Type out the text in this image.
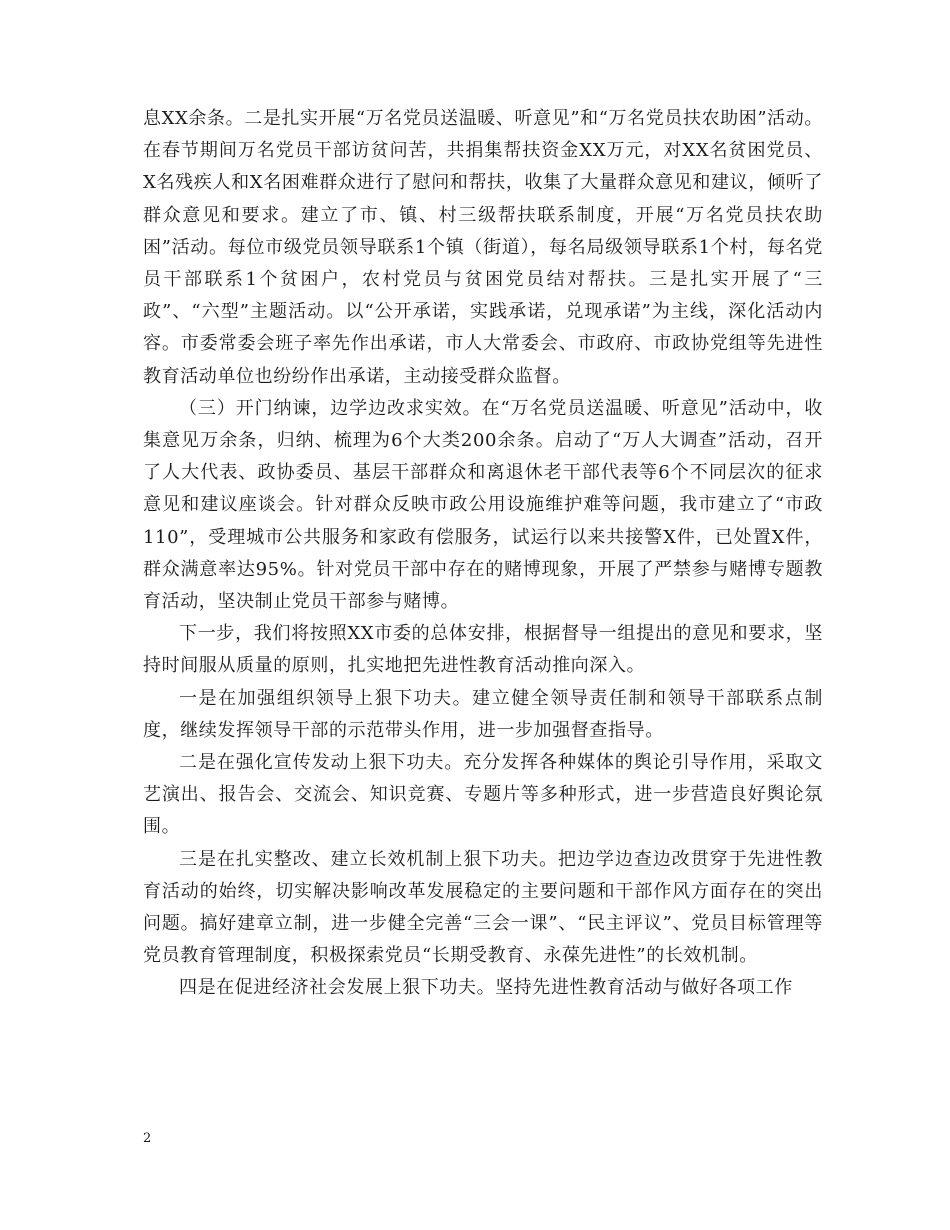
息XX余条。二是扎实开展“万名党员送温暖、听意见”和“万名党员扶农助困”活动。在春节期间万名党员干部访贫问苦，共捐集帮扶资金XX万元，对XX名贫困党员、X名残疾人和X名困难群众进行了慰问和帮扶，收集了大量群众意见和建议，倾听了群众意见和要求。建立了市、镇、村三级帮扶联系制度，开展“万名党员扶农助困”活动。每位市级党员领导联系1个镇（街道），每名局级领导联系1个村，每名党员干部联系1个贫困户，农村党员与贫困党员结对帮扶。三是扎实开展了“三政”、“六型”主题活动。以“公开承诺，实践承诺，兑现承诺”为主线，深化活动内容。市委常委会班子率先作出承诺，市人大常委会、市政府、市政协党组等先进性教育活动单位也纷纷作出承诺，主动接受群众监督。

（三）开门纳谏，边学边改求实效。在“万名党员送温暖、听意见”活动中，收集意见万余条，归纳、梳理为6个大类200余条。启动了“万人大调查”活动，召开了人大代表、政协委员、基层干部群众和离退休老干部代表等6个不同层次的征求意见和建议座谈会。针对群众反映市政公用设施维护难等问题，我市建立了“市政110”，受理城市公共服务和家政有偿服务，试运行以来共接警X件，已处置X件，群众满意率达95%。针对党员干部中存在的赌博现象，开展了严禁参与赌博专题教育活动，坚决制止党员干部参与赌博。

下一步，我们将按照XX市委的总体安排，根据督导一组提出的意见和要求，坚持时间服从质量的原则，扎实地把先进性教育活动推向深入。

一是在加强组织领导上狠下功夫。建立健全领导责任制和领导干部联系点制度，继续发挥领导干部的示范带头作用，进一步加强督查指导。

二是在强化宣传发动上狠下功夫。充分发挥各种媒体的舆论引导作用，采取文艺演出、报告会、交流会、知识竞赛、专题片等多种形式，进一步营造良好舆论氛围。

三是在扎实整改、建立长效机制上狠下功夫。把边学边查边改贯穿于先进性教育活动的始终，切实解决影响改革发展稳定的主要问题和干部作风方面存在的突出问题。搞好建章立制，进一步健全完善“三会一课”、“民主评议”、党员目标管理等党员教育管理制度，积极探索党员“长期受教育、永葆先进性”的长效机制。

四是在促进经济社会发展上狠下功夫。坚持先进性教育活动与做好各项工作

2
